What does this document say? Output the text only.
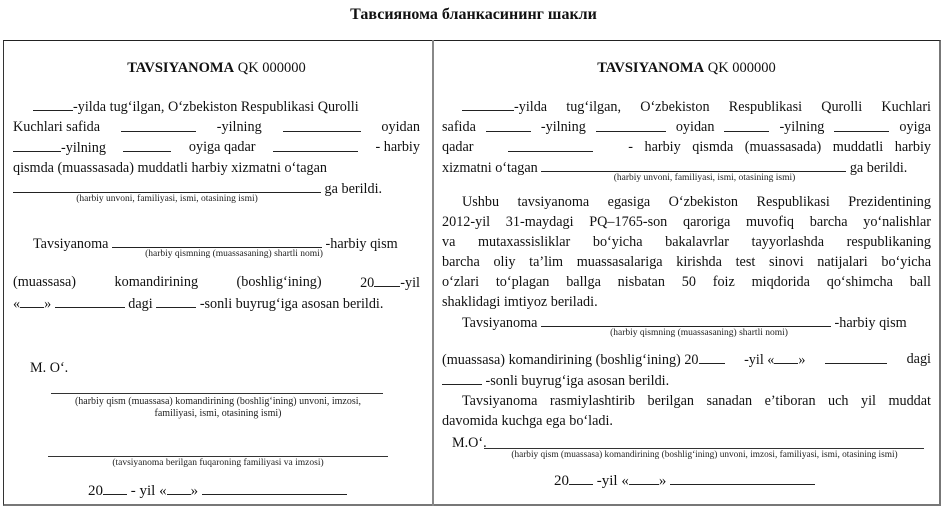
Тавсиянома бланкасининг шакли
TAVSIYANOMA QK 000000
-yilda tug‘ilgan, O‘zbekiston Respublikasi Qurolli
Kuchlari safida	-yilning	oyidan
-yilning	oyiga qadar	- harbiy
qismda (muassasada) muddatli harbiy xizmatni o‘tagan
ga berildi.
(harbiy unvoni, familiyasi, ismi, otasining ismi)
Tavsiyanoma	-harbiy qism
(harbiy qismning (muassasaning) shartli nomi)
(muassasa)	komandirining	(boshlig‘ining)	20 -yil
« »	dagi	-sonli buyrug‘iga asosan berildi.
M. O‘.
(harbiy qism (muassasa) komandirining (boshlig‘ining) unvoni, imzosi,
familiyasi, ismi, otasining ismi)
(tavsiyanoma berilgan fuqaroning familiyasi va imzosi)
20 - yil « »
TAVSIYANOMA QK 000000
-yilda tug‘ilgan, O‘zbekiston Respublikasi Qurolli Kuchlari
safida	-yilning	oyidan	-yilning	oyiga
qadar	- harbiy qismda (muassasada) muddatli harbiy
xizmatni o‘tagan	ga berildi.
(harbiy unvoni, familiyasi, ismi, otasining ismi)
Ushbu tavsiyanoma egasiga O‘zbekiston Respublikasi Prezidentining
2012-yil 31-maydagi PQ–1765-son qaroriga muvofiq barcha yo‘nalishlar
va mutaxassisliklar bo‘yicha bakalavrlar tayyorlashda respublikaning
barcha oliy ta’lim muassasalariga kirishda test sinovi natijalari bo‘yicha
o‘zlari to‘plagan ballga nisbatan 50 foiz miqdorida qo‘shimcha ball
shaklidagi imtiyoz beriladi.
Tavsiyanoma	-harbiy qism
(harbiy qismning (muassasaning) shartli nomi)
(muassasa) komandirining (boshlig‘ining) 20	-yil « »	dagi
-sonli buyrug‘iga asosan berildi.
Tavsiyanoma rasmiylashtirib berilgan sanadan e’tiboran uch yil muddat
davomida kuchga ega bo‘ladi.
M.O‘.
(harbiy qism (muassasa) komandirining (boshlig‘ining) unvoni, imzosi, familiyasi, ismi, otasining ismi)
20 -yil « »
